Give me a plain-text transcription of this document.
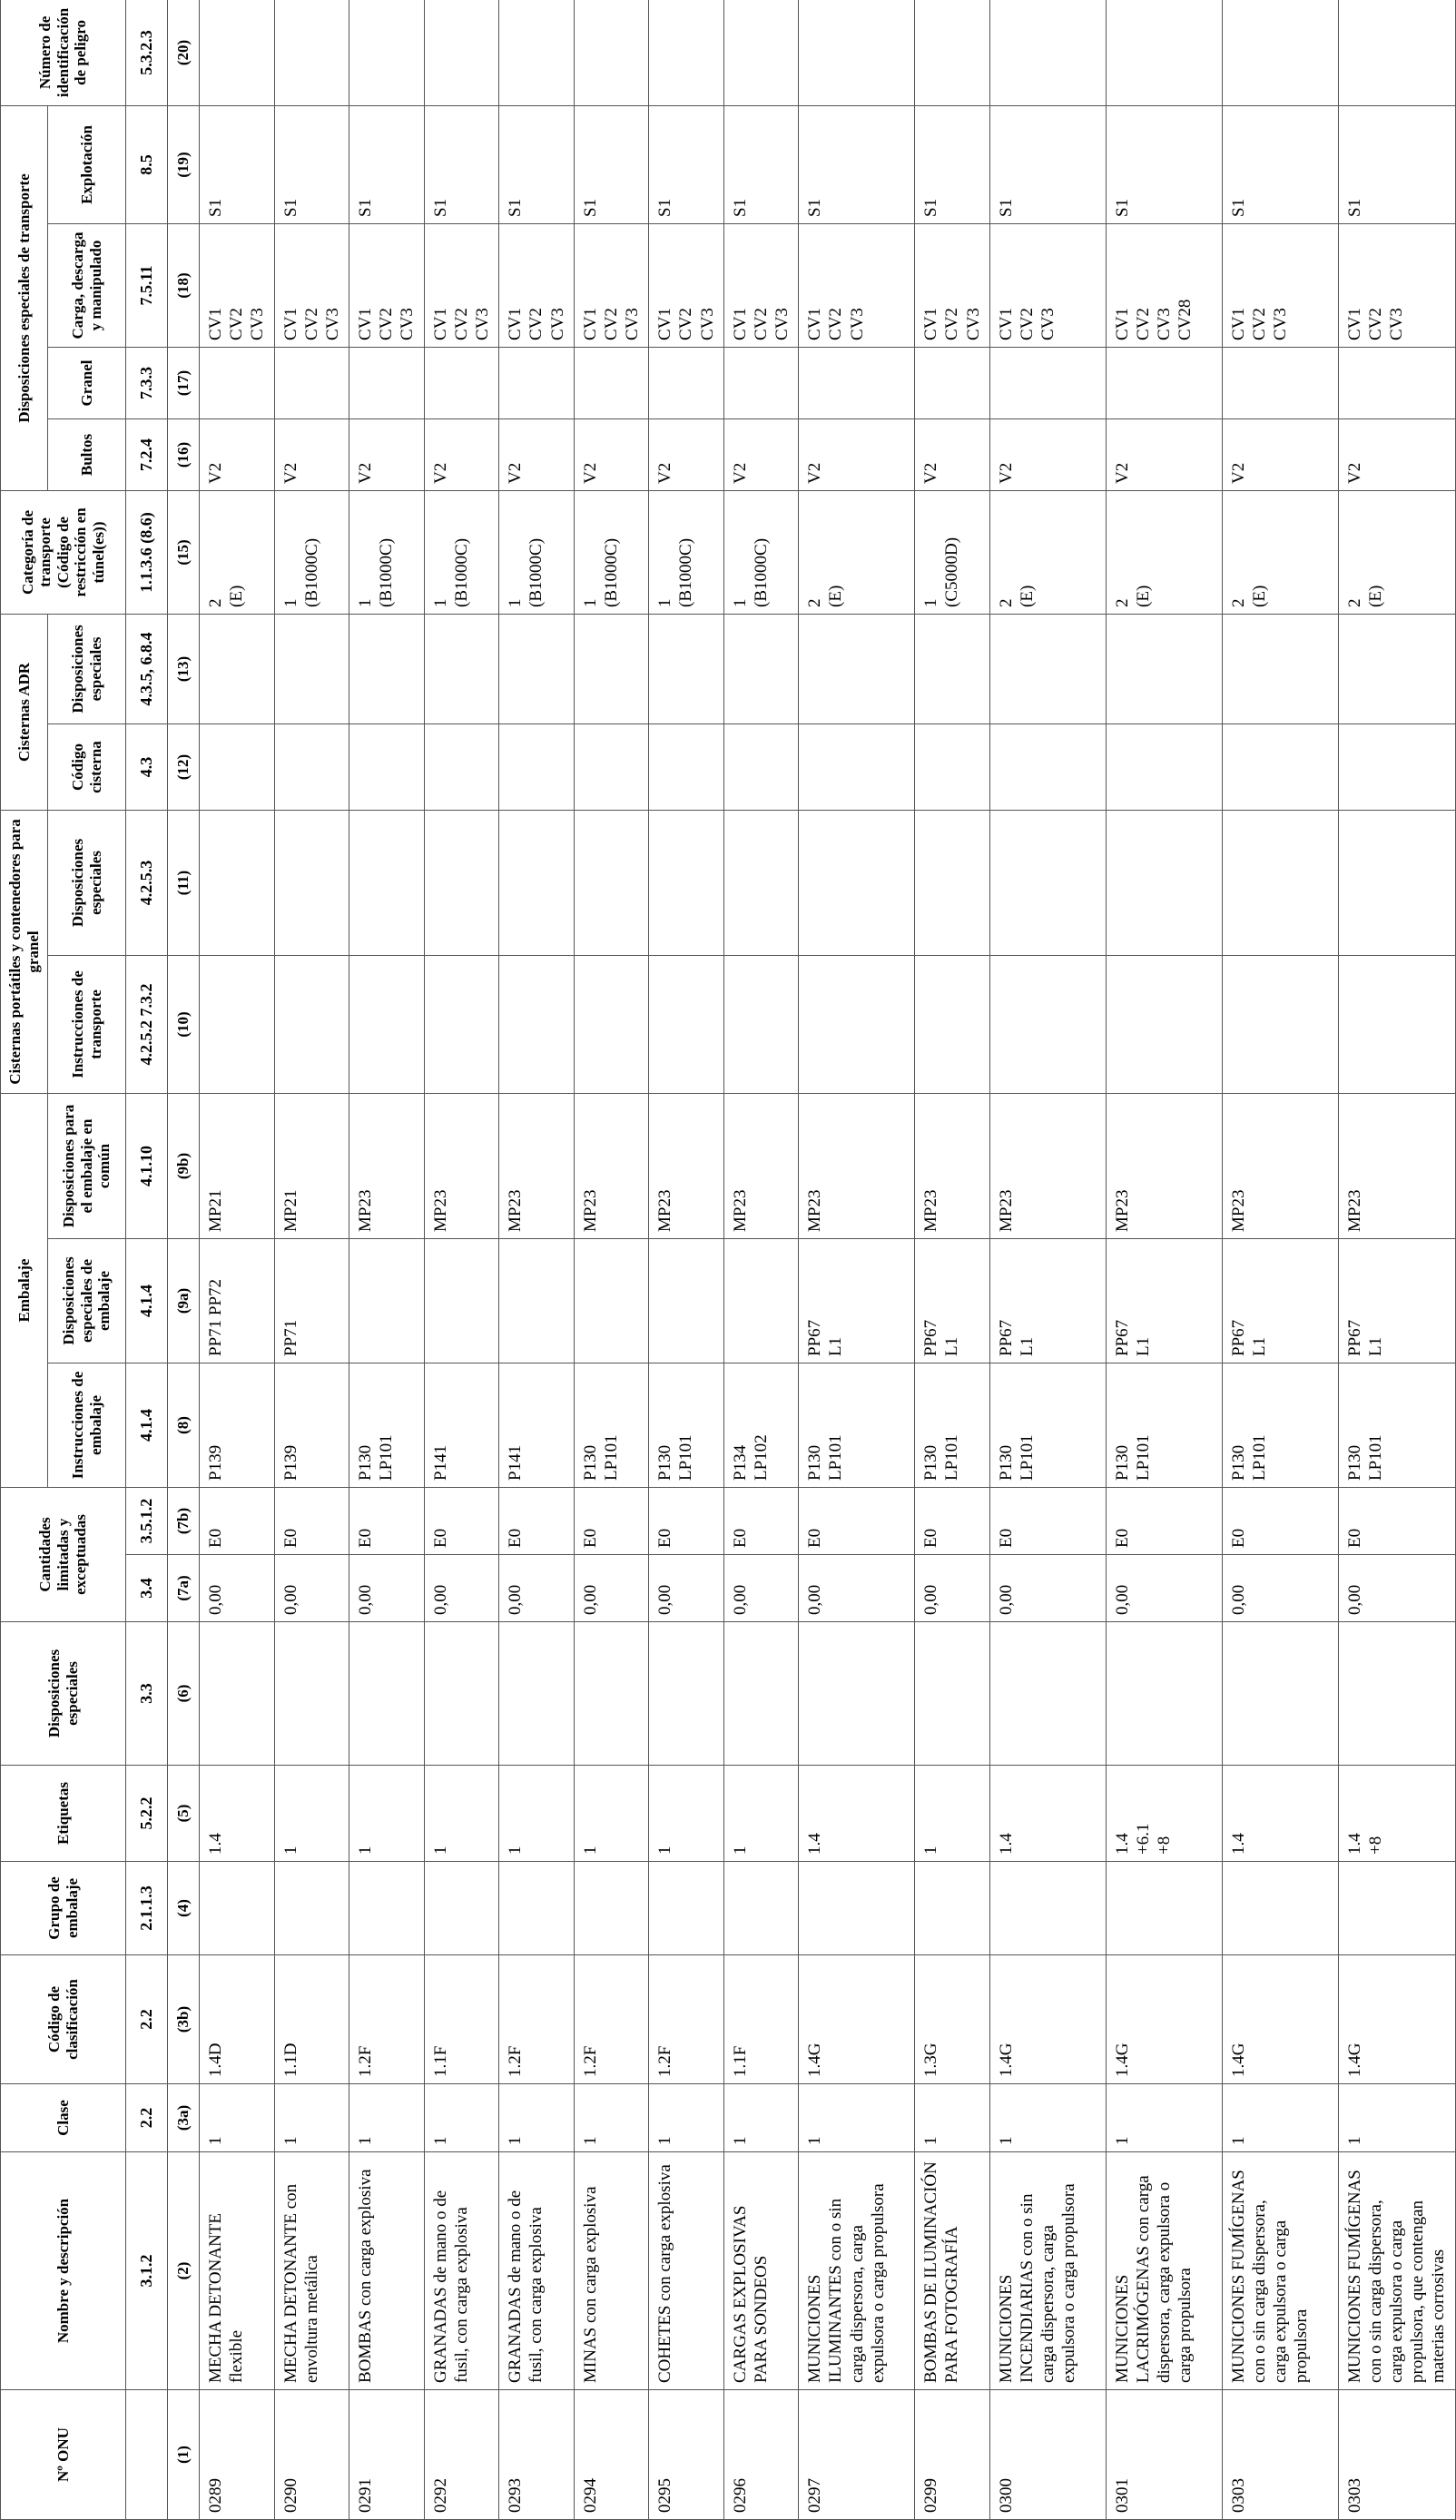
Nº ONU	Nombre y descripción	Clase	Código de clasificación	Grupo de embalaje	Etiquetas	Disposiciones especiales	Cantidades limitadas y exceptuadas		Embalaje			Cisternas portátiles y contenedores para granel		Cisternas ADR		Categoría de transporte (Código de restricción en túnel(es))	Disposiciones especiales de transporte				Número de identificación de peligro
									Instrucciones de embalaje	Disposiciones especiales de embalaje	Disposiciones para el embalaje en común	Instrucciones de transporte	Disposiciones especiales	Código cisterna	Disposiciones especiales		Bultos	Granel	Carga, descarga y manipulado	Explotación	
	3.1.2	2.2	2.2	2.1.1.3	5.2.2	3.3	3.4	3.5.1.2	4.1.4	4.1.4	4.1.10	4.2.5.2 7.3.2	4.2.5.3	4.3	4.3.5, 6.8.4	1.1.3.6 (8.6)	7.2.4	7.3.3	7.5.11	8.5	5.3.2.3
(1)	(2)	(3a)	(3b)	(4)	(5)	(6)	(7a)	(7b)	(8)	(9a)	(9b)	(10)	(11)	(12)	(13)	(15)	(16)	(17)	(18)	(19)	(20)
0289	MECHA DETONANTE flexible	1	1.4D		1.4		0,00	E0	P139	PP71 PP72	MP21					2 (E)	V2		CV1 CV2 CV3	S1	
0290	MECHA DETONANTE con envoltura metálica	1	1.1D		1		0,00	E0	P139	PP71	MP21					1 (B1000C)	V2		CV1 CV2 CV3	S1	
0291	BOMBAS con carga explosiva	1	1.2F		1		0,00	E0	P130 LP101		MP23					1 (B1000C)	V2		CV1 CV2 CV3	S1	
0292	GRANADAS de mano o de fusil, con carga explosiva	1	1.1F		1		0,00	E0	P141		MP23					1 (B1000C)	V2		CV1 CV2 CV3	S1	
0293	GRANADAS de mano o de fusil, con carga explosiva	1	1.2F		1		0,00	E0	P141		MP23					1 (B1000C)	V2		CV1 CV2 CV3	S1	
0294	MINAS con carga explosiva	1	1.2F		1		0,00	E0	P130 LP101		MP23					1 (B1000C)	V2		CV1 CV2 CV3	S1	
0295	COHETES con carga explosiva	1	1.2F		1		0,00	E0	P130 LP101		MP23					1 (B1000C)	V2		CV1 CV2 CV3	S1	
0296	CARGAS EXPLOSIVAS PARA SONDEOS	1	1.1F		1		0,00	E0	P134 LP102		MP23					1 (B1000C)	V2		CV1 CV2 CV3	S1	
0297	MUNICIONES ILUMINANTES con o sin carga dispersora, carga expulsora o carga propulsora	1	1.4G		1.4		0,00	E0	P130 LP101	PP67 L1	MP23					2 (E)	V2		CV1 CV2 CV3	S1	
0299	BOMBAS DE ILUMINACIÓN PARA FOTOGRAFÍA	1	1.3G		1		0,00	E0	P130 LP101	PP67 L1	MP23					1 (C5000D)	V2		CV1 CV2 CV3	S1	
0300	MUNICIONES INCENDIARIAS con o sin carga dispersora, carga expulsora o carga propulsora	1	1.4G		1.4		0,00	E0	P130 LP101	PP67 L1	MP23					2 (E)	V2		CV1 CV2 CV3	S1	
0301	MUNICIONES LACRIMÓGENAS con carga dispersora, carga expulsora o carga propulsora	1	1.4G		1.4 +6.1 +8		0,00	E0	P130 LP101	PP67 L1	MP23					2 (E)	V2		CV1 CV2 CV3 CV28	S1	
0303	MUNICIONES FUMÍGENAS con o sin carga dispersora, carga expulsora o carga propulsora	1	1.4G		1.4		0,00	E0	P130 LP101	PP67 L1	MP23					2 (E)	V2		CV1 CV2 CV3	S1	
0303	MUNICIONES FUMÍGENAS con o sin carga dispersora, carga expulsora o carga propulsora, que contengan materias corrosivas	1	1.4G		1.4 +8		0,00	E0	P130 LP101	PP67 L1	MP23					2 (E)	V2		CV1 CV2 CV3	S1	
